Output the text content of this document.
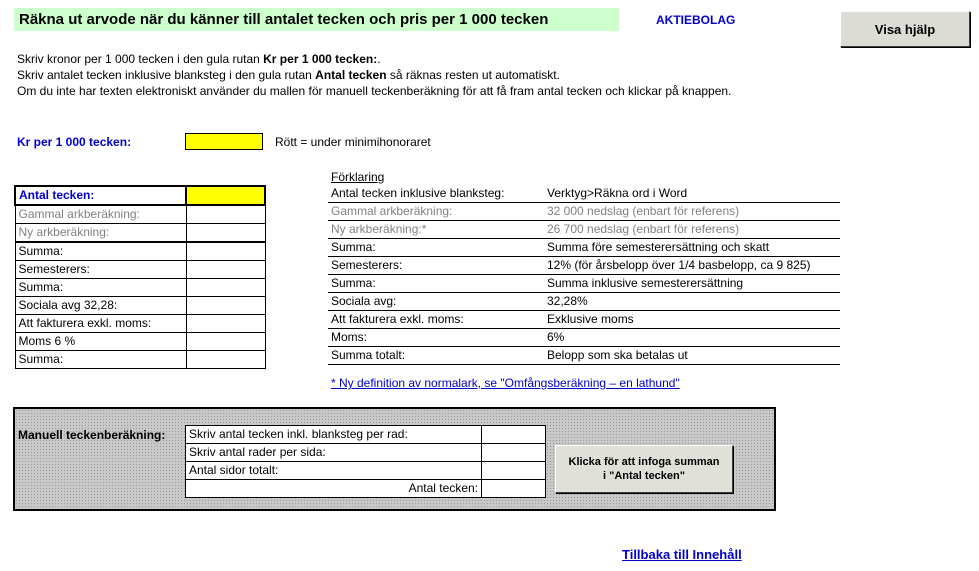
Räkna ut arvode när du känner till antalet tecken och pris per 1 000 tecken	AKTIEBOLAG
Visa hjälp
Skriv kronor per 1 000 tecken i den gula rutan Kr per 1 000 tecken:.
Skriv antalet tecken inklusive blanksteg i den gula rutan Antal tecken så räknas resten ut automatiskt.
Om du inte har texten elektroniskt använder du mallen för manuell teckenberäkning för att få fram antal tecken och klickar på knappen.
Kr per 1 000 tecken:	Rött = under minimihonoraret
Antal tecken:	
Gammal arkberäkning:	
Ny arkberäkning:	
Summa:	
Semesterers:	
Summa:	
Sociala avg 32,28:	
Att fakturera exkl. moms:	
Moms 6 %	
Summa:	
Förklaring
Antal tecken inklusive blanksteg:	Verktyg>Räkna ord i Word
Gammal arkberäkning:	32 000 nedslag (enbart för referens)
Ny arkberäkning:*	26 700 nedslag (enbart för referens)
Summa:	Summa före semesterersättning och skatt
Semesterers:	12% (för årsbelopp över 1/4 basbelopp, ca 9 825)
Summa:	Summa inklusive semesterersättning
Sociala avg:	32,28%
Att fakturera exkl. moms:	Exklusive moms
Moms:	6%
Summa totalt:	Belopp som ska betalas ut
* Ny definition av normalark, se "Omfångsberäkning – en lathund"
Manuell teckenberäkning: Skriv antal tecken inkl. blanksteg per rad:	
Skriv antal rader per sida:	
Antal sidor totalt:	
Antal tecken:	
Klicka för att infoga summan
i "Antal tecken"
Tillbaka till Innehåll
